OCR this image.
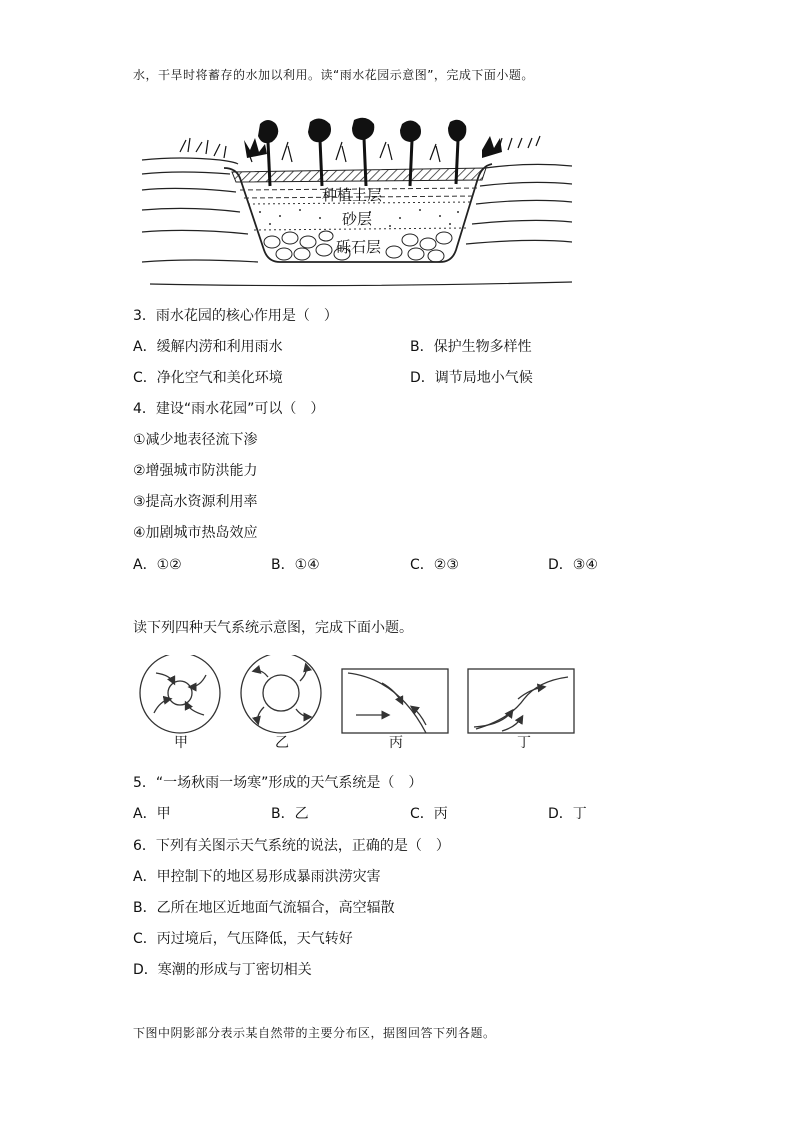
水，干旱时将蓄存的水加以利用。读“雨水花园示意图”，完成下面小题。
种植土层
砂层
砾石层
3．雨水花园的核心作用是（　）
A．缓解内涝和利用雨水	B．保护生物多样性
C．净化空气和美化环境	D．调节局地小气候
4．建设“雨水花园”可以（　）
①减少地表径流下渗
②增强城市防洪能力
③提高水资源利用率
④加剧城市热岛效应
A．①②	B．①④	C．②③	D．③④
读下列四种天气系统示意图，完成下面小题。
甲	乙	丙	丁
5．“一场秋雨一场寒”形成的天气系统是（　）
A．甲	B．乙	C．丙	D．丁
6．下列有关图示天气系统的说法，正确的是（　）
A．甲控制下的地区易形成暴雨洪涝灾害
B．乙所在地区近地面气流辐合，高空辐散
C．丙过境后，气压降低，天气转好
D．寒潮的形成与丁密切相关
下图中阴影部分表示某自然带的主要分布区，据图回答下列各题。
